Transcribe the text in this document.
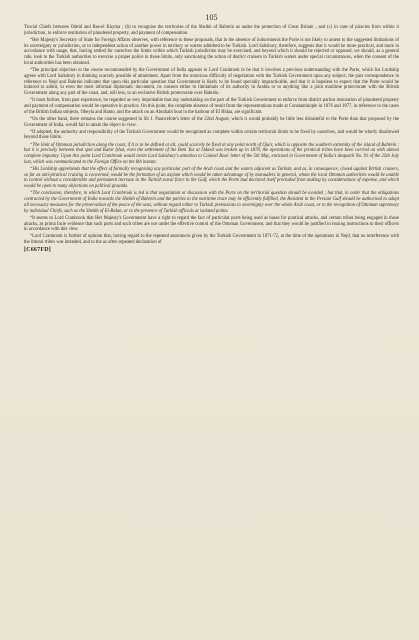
105

Trucial Chiefs between Odeid and Ras-el Khyma ; (b) to recognise the territories of the Sheikh of Bahrein as under the protection of Great Britain ; and (c) in case of piracies from within it jurisdiction, to enforce restitution of plundered property, and payment of compensation.

“Her Majesty's Secretary of State for Foreign Affairs observes, with reference to these proposals, that in the absence of inducements the Porte is not likely to assent to the suggested limitations of its sovereignty or jurisdiction, or to independent action of another power in territory or waters admitted to be Turkish. Lord Salisbury, therefore, suggests that it would be more practical, and more in accordance with usage, that, having settled for ourselves the limits within which Turkish jurisdiction may be exercised, and beyond which it should be rejected or opposed, we should, as a general rule, look to the Turkish authorities to exercise a proper police in those limits, only sanctioning the action of district cruisers in Turkish waters under special circumstances, when the consent of the local authorities has been obtained.

“The principal objection to the course recommended by the Government of India appears to Lord Cranbrook to be that it involves a previous understanding with the Porte, which his Lordship agrees with Lord Salisbury in thinking scarcely possible of attainment. Apart from the notorious difficulty of negotiation with the Turkish Government upon any subject, the past correspondence in reference to Nejd and Bahrein indicates that upon this particular question that Government is likely to be found specially impracticable, and that it is hopeless to expect that the Porte would be induced to admit, in even the most informal diplomatic document, its consent either to limitations of its authority in Arabia or to anything like a joint maritime protectorate with the British Government along any part of the coast, and, still less, to an exclusive British protectorate over Bahrein.

“It must further, from past experience, be regarded as very improbable that any undertaking on the part of the Turkish Government to enforce from district parties restoration of plundered property and payment of compensation would be operative in practice. On this point, the complete absence of result from the representations made at Constantinople in 1876 and 1877, in reference to the cases of the British Indian subjects, Obeyla and Hamo, and the attack on an Abuthabi boat in the harbour of El Bidaa, are significant.

“On the other hand, there remains the course suggested in Sir J. Pauncefote's letter of the 22nd August, which it would probably be little less distasteful to the Porte than that proposed by the Government of India, would fail to attain the object in view.

“If adopted, the authority and responsibility of the Turkish Government would be recognised as complete within certain territorial limits to be fixed by ourselves, and would be wholly disallowed beyond those limits.

“The limit of Ottoman jurisdiction along the coast, if it is to be defined at all, could scarcely be fixed at any point north of Ojair, which is opposite the southern extremity of the island of Bahrein ; but it is precisely between that spot and Katar (that, even the settlement of the Beni Yas at Odaed was broken up in 1878, the operations of the piratical tribes have been carried on with almost complete impunity. Upon this point Lord Cranbrook would invite Lord Salisbury's attention to Colonel Ross' letter of the 5th May, enclosed in Government of India's despatch No. 91 of the 25th July last, which was communicated to the Foreign Office on the 6th instant.

“His Lordship apprehends that the effect of formally recognising any particular part of the Arab coast and the waters adjacent as Turkish, and as, in consequence, closed against British cruisers, so far as anti-piratical cruising is concerned, would be the formation of an asylum which would be taken advantage of by marauders in general, whom the local Ottoman authorities would be unable to control without a considerable and permanent increase to the Turkish naval force in the Gulf, which the Porte had declared itself precluded from making by considerations of expense, and which would be open to many objections on political grounds.

“The conclusion, therefore, to which Lord Cranbrook is led is that negotiation or discussion with the Porte on the territorial question should be avoided ; but that, in order that the obligations contracted by the Government of India towards the Sheikh of Bahrein and the parties to the maritime truce may be efficiently fulfilled, the Resident in the Persian Gulf should be authorised to adopt all necessary measures for the preservation of the peace of the seas, without regard either to Turkish pretensions to sovereignty over the whole Arab coast, or to the recognition of Ottoman supremacy by individual Chiefs, such as the Sheikh of El-Bidaa, or to the presence of Turkish officials at isolated points.

“It seems to Lord Cranbrook that Her Majesty's Government have a right to regard the fact of particular ports being used as bases for piratical attacks, and certain tribes being engaged in those attacks, as prima facie evidence that such ports and such tribes are not under the effective control of the Ottoman Government, and that they would be justified in issuing instructions to their officers in accordance with this view.

“Lord Cranbrook is further of opinion that, having regard to the repeated assurances given by the Turkish Government in 1871-72, at the time of the operations in Nejd, that no interference with the littoral tribes was intended, and to the as often repeated declaration of

[C667FD]
